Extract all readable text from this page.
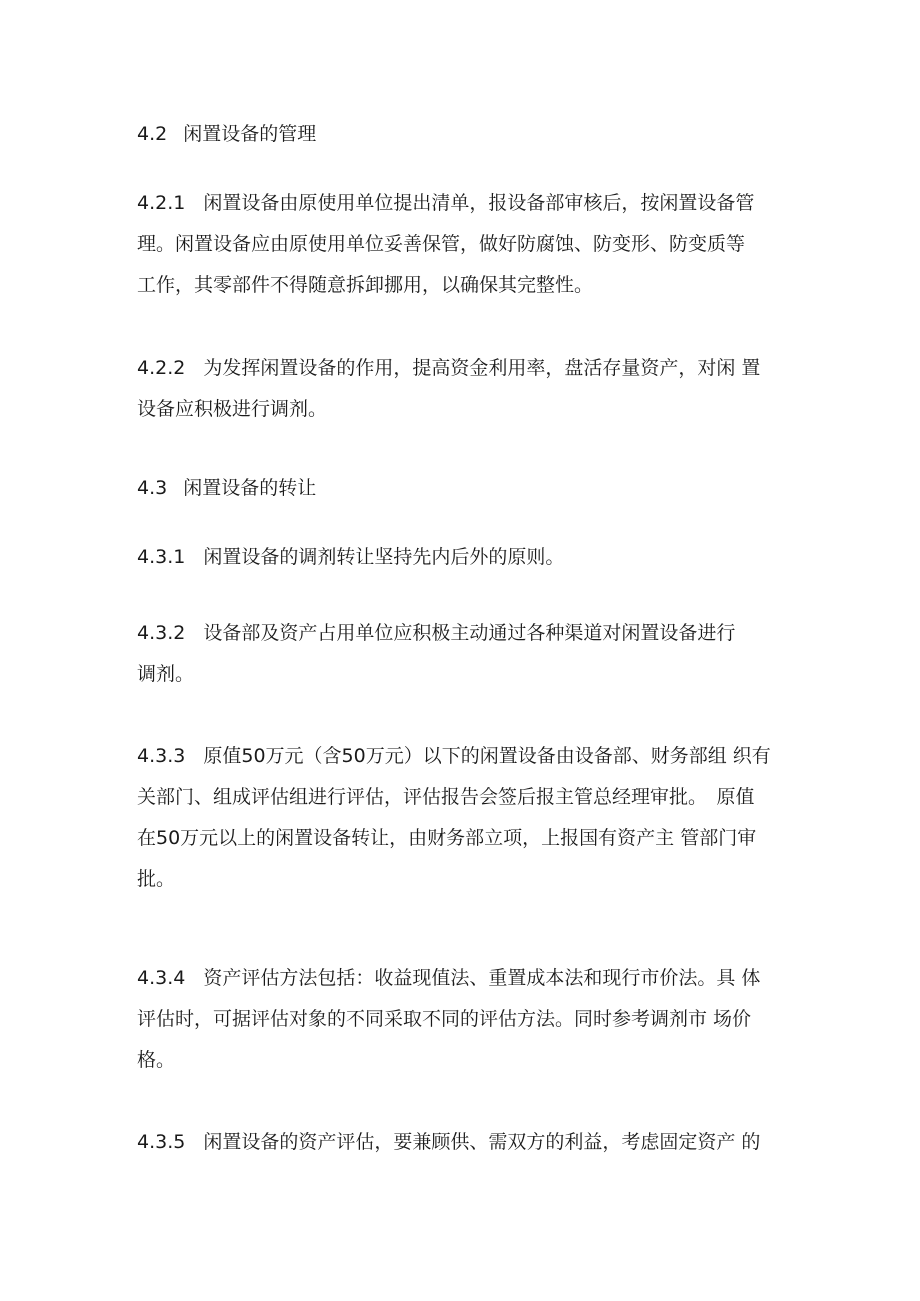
4.2 闲置设备的管理
4.2.1 闲置设备由原使用单位提出清单，报设备部审核后，按闲置设备管
理。闲置设备应由原使用单位妥善保管，做好防腐蚀、防变形、防变质等
工作，其零部件不得随意拆卸挪用，以确保其完整性。
4.2.2 为发挥闲置设备的作用，提高资金利用率，盘活存量资产，对闲 置
设备应积极进行调剂。
4.3 闲置设备的转让
4.3.1 闲置设备的调剂转让坚持先内后外的原则。
4.3.2 设备部及资产占用单位应积极主动通过各种渠道对闲置设备进行
调剂。
4.3.3 原值50万元（含50万元）以下的闲置设备由设备部、财务部组 织有
关部门、组成评估组进行评估，评估报告会签后报主管总经理审批。　原值
在50万元以上的闲置设备转让，由财务部立项，上报国有资产主 管部门审
批。
4.3.4 资产评估方法包括：收益现值法、重置成本法和现行市价法。具 体
评估时，可据评估对象的不同采取不同的评估方法。同时参考调剂市 场价
格。
4.3.5 闲置设备的资产评估，要兼顾供、需双方的利益，考虑固定资产 的
